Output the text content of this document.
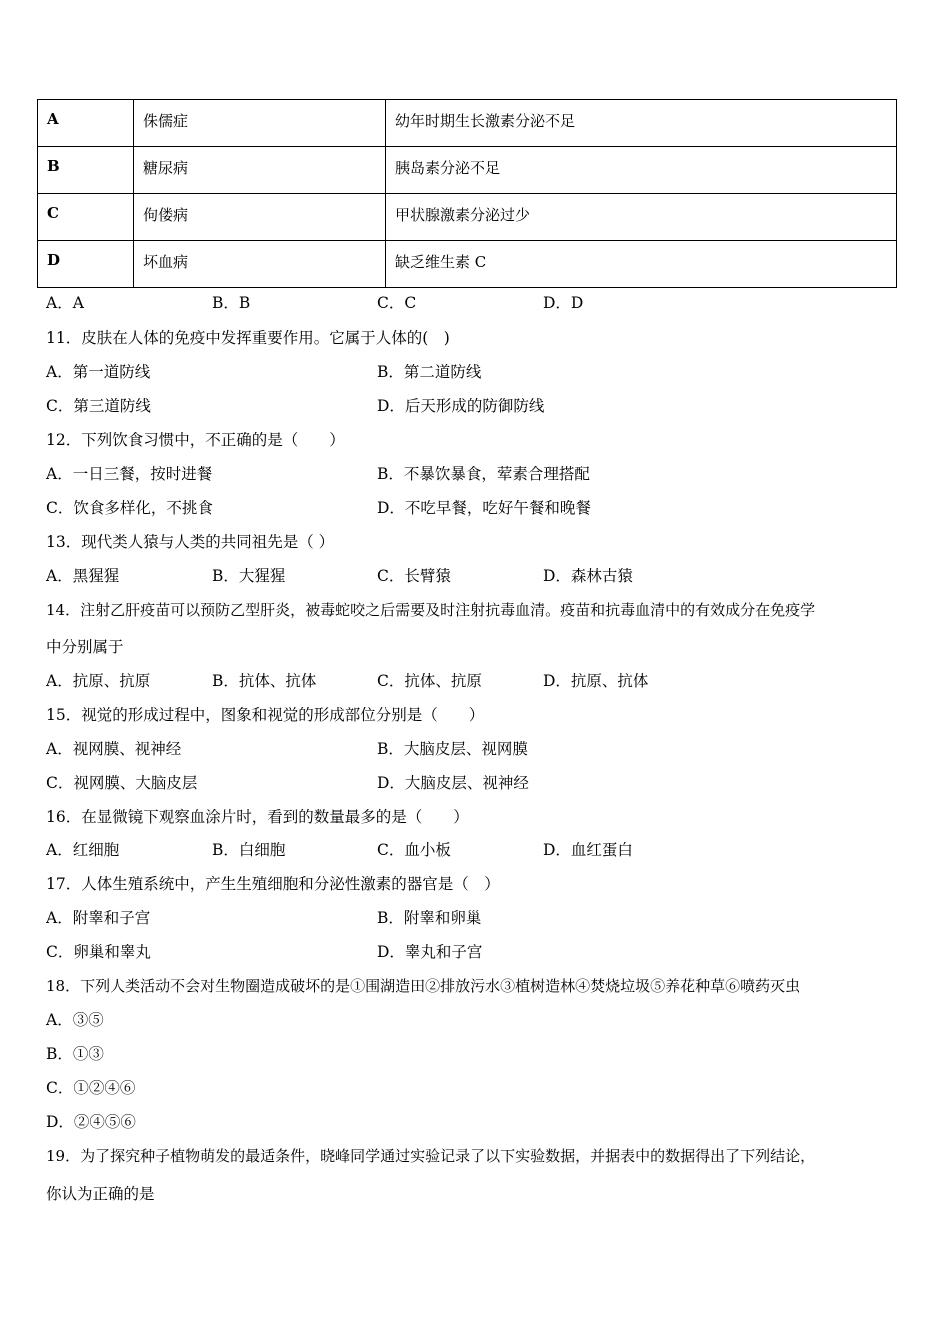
A	侏儒症	幼年时期生长激素分泌不足
B	糖尿病	胰岛素分泌不足
C	佝偻病	甲状腺激素分泌过少
D	坏血病	缺乏维生素 C
A．A	B．B	C．C	D．D
11．皮肤在人体的免疫中发挥重要作用。它属于人体的(　)
A．第一道防线	B．第二道防线
C．第三道防线	D．后天形成的防御防线
12．下列饮食习惯中，不正确的是（　　）
A．一日三餐，按时进餐	B．不暴饮暴食，荤素合理搭配
C．饮食多样化，不挑食	D．不吃早餐，吃好午餐和晚餐
13．现代类人猿与人类的共同祖先是（ ）
A．黑猩猩	B．大猩猩	C．长臂猿	D．森林古猿
14．注射乙肝疫苗可以预防乙型肝炎，被毒蛇咬之后需要及时注射抗毒血清。疫苗和抗毒血清中的有效成分在免疫学
中分别属于
A．抗原、抗原	B．抗体、抗体	C．抗体、抗原	D．抗原、抗体
15．视觉的形成过程中，图象和视觉的形成部位分别是（　　）
A．视网膜、视神经	B．大脑皮层、视网膜
C．视网膜、大脑皮层	D．大脑皮层、视神经
16．在显微镜下观察血涂片时，看到的数量最多的是（　　）
A．红细胞	B．白细胞	C．血小板	D．血红蛋白
17．人体生殖系统中，产生生殖细胞和分泌性激素的器官是（　）
A．附睾和子宫	B．附睾和卵巢
C．卵巢和睾丸	D．睾丸和子宫
18．下列人类活动不会对生物圈造成破坏的是①围湖造田②排放污水③植树造林④焚烧垃圾⑤养花种草⑥喷药灭虫
A．③⑤
B．①③
C．①②④⑥
D．②④⑤⑥
19．为了探究种子植物萌发的最适条件，晓峰同学通过实验记录了以下实验数据，并据表中的数据得出了下列结论，
你认为正确的是
